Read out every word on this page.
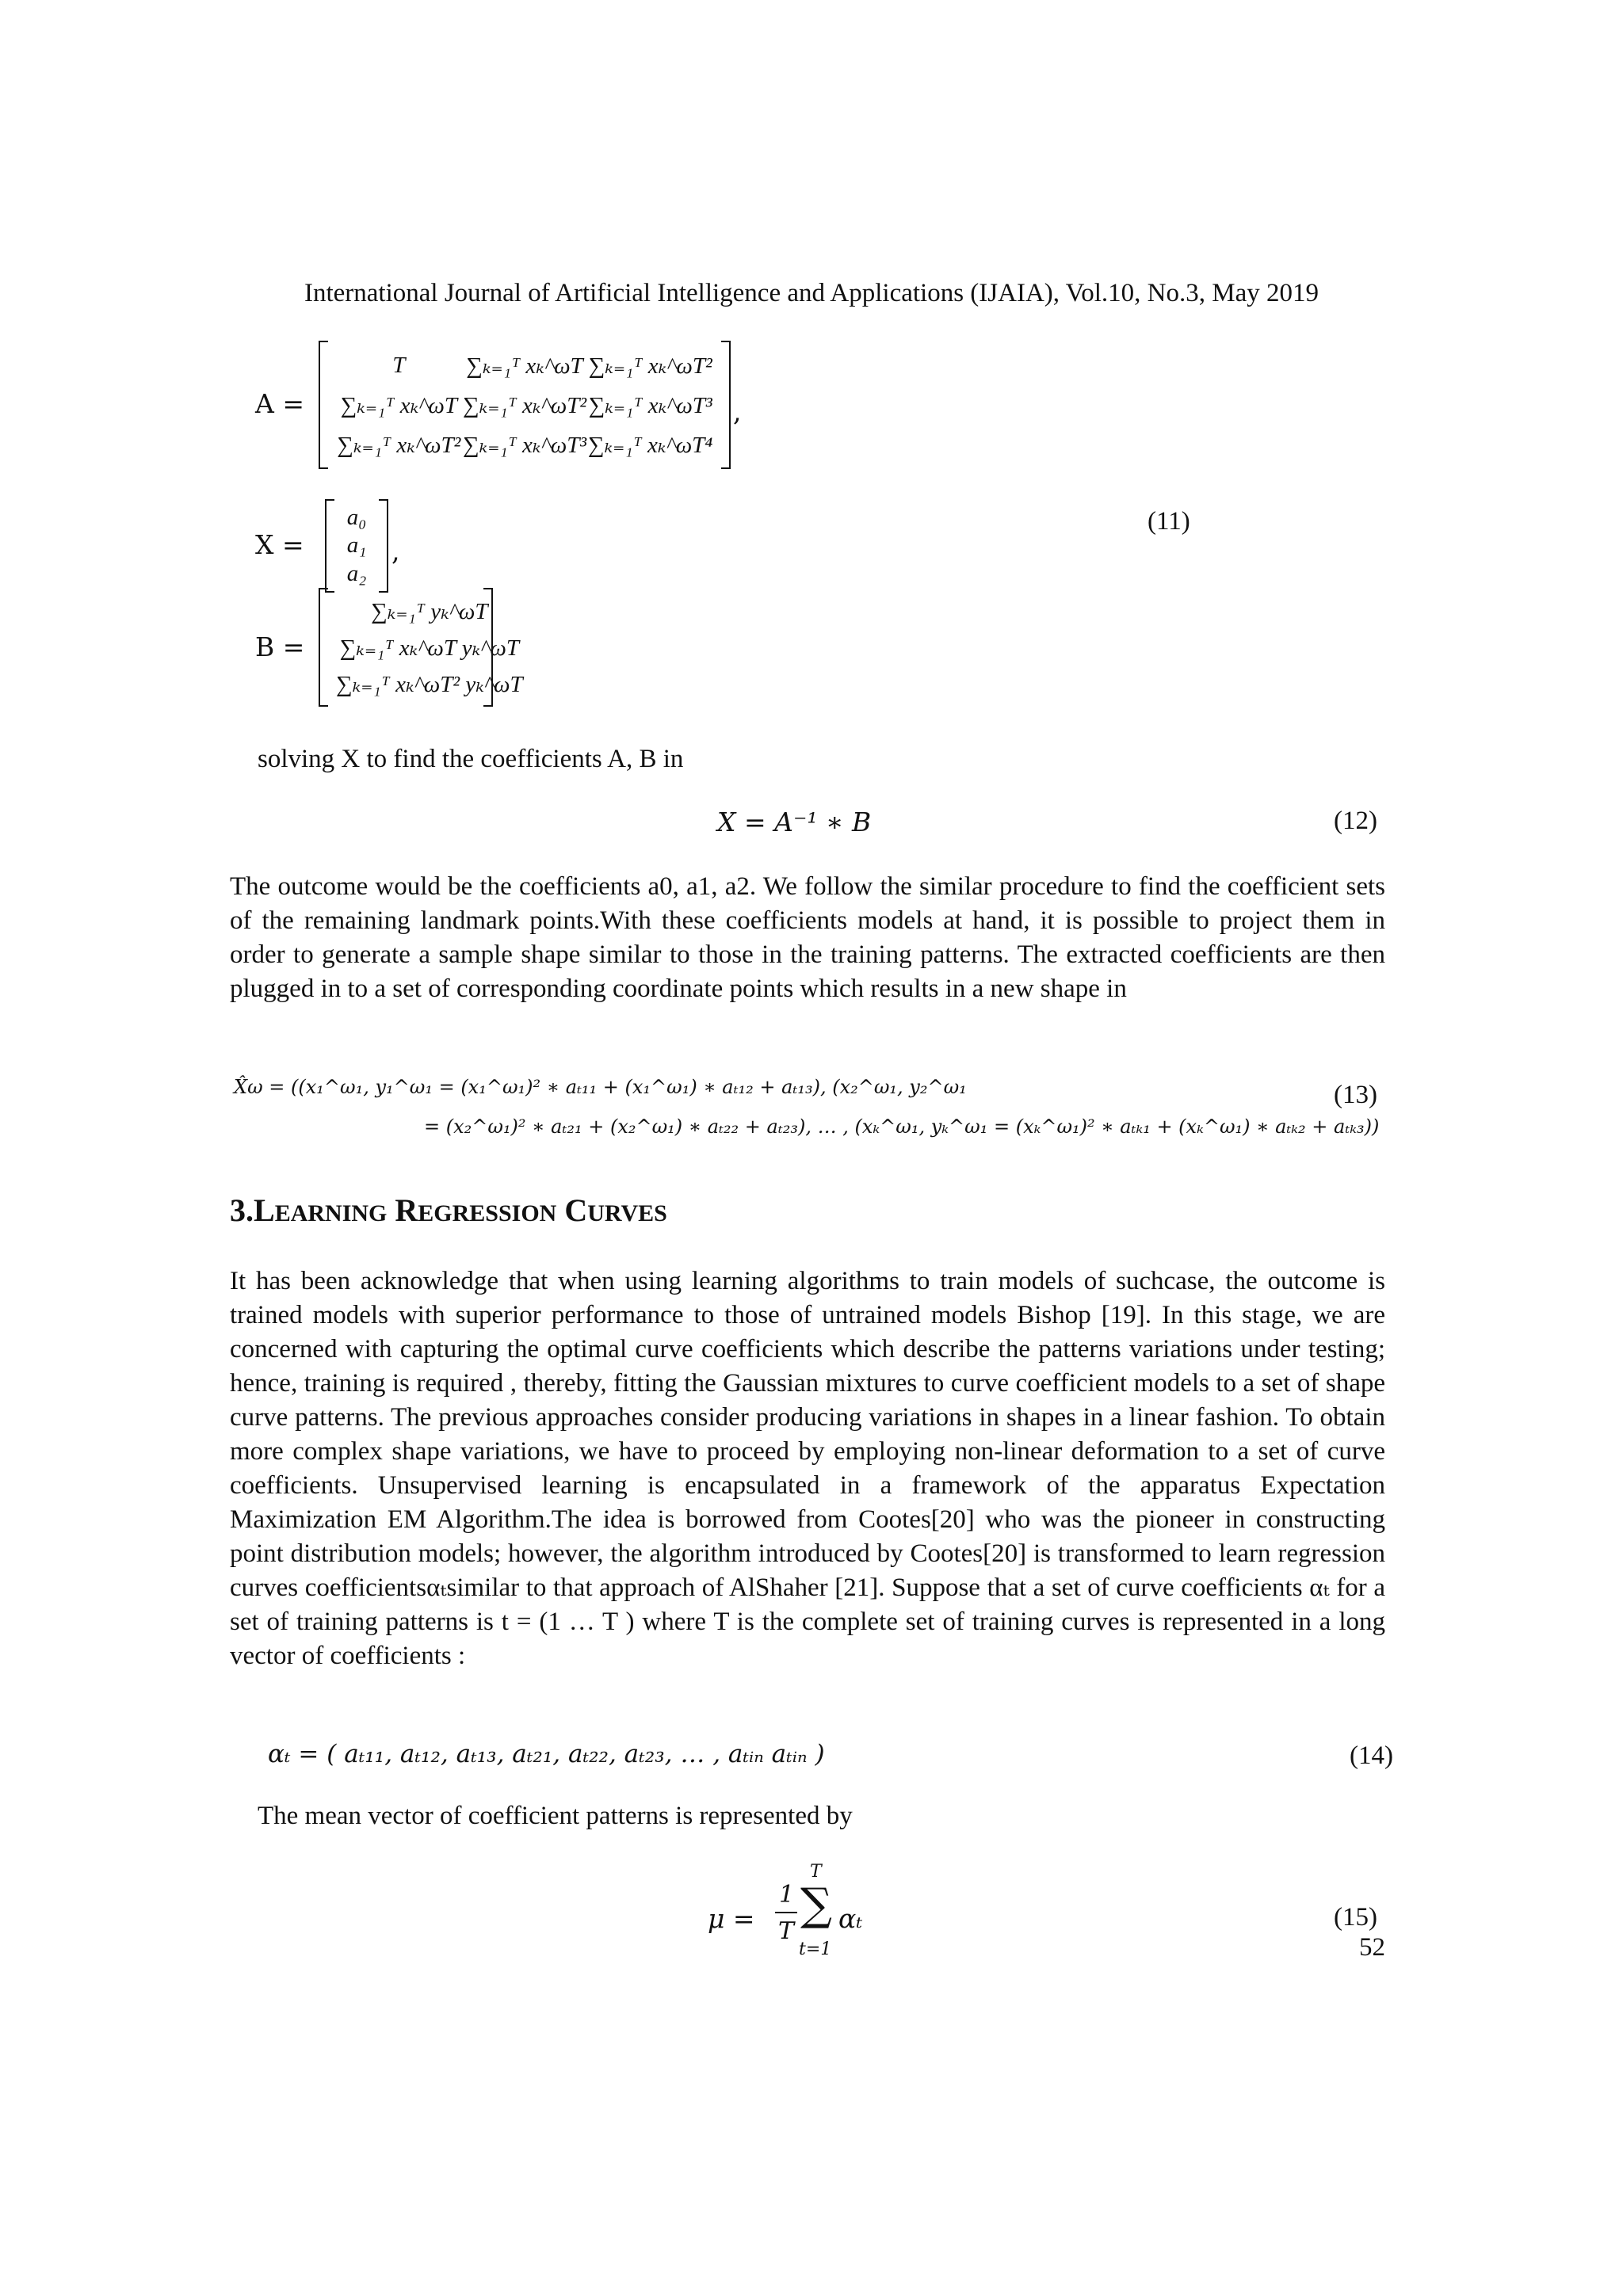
International Journal of Artificial Intelligence and Applications (IJAIA), Vol.10, No.3, May 2019
A =
T	∑ₖ₌₁ᵀ xₖ^ωT ∑ₖ₌₁ᵀ xₖ^ωT²
∑ₖ₌₁ᵀ xₖ^ωT ∑ₖ₌₁ᵀ xₖ^ωT² ∑ₖ₌₁ᵀ xₖ^ωT³
∑ₖ₌₁ᵀ xₖ^ωT² ∑ₖ₌₁ᵀ xₖ^ωT³ ∑ₖ₌₁ᵀ xₖ^ωT⁴
,
X =
a₀
a₁
a₂
,
(11)
B =
∑ₖ₌₁ᵀ yₖ^ωT
∑ₖ₌₁ᵀ xₖ^ωT yₖ^ωT
∑ₖ₌₁ᵀ xₖ^ωT² yₖ^ωT
solving X to find the coefficients A, B in
X = A⁻¹ ∗ B	(12)

The outcome would be the coefficients a0, a1, a2. We follow the similar procedure to find the coefficient sets of the remaining landmark points.With these coefficients models at hand, it is possible to project them in order to generate a sample shape similar to those in the training patterns. The extracted coefficients are then plugged in to a set of corresponding coordinate points which results in a new shape in

X̂ω = ((x₁^ω₁, y₁^ω₁ = (x₁^ω₁)² ∗ aₜ₁₁ + (x₁^ω₁) ∗ aₜ₁₂ + aₜ₁₃), (x₂^ω₁, y₂^ω₁
= (x₂^ω₁)² ∗ aₜ₂₁ + (x₂^ω₁) ∗ aₜ₂₂ + aₜ₂₃), … , (xₖ^ω₁, yₖ^ω₁ = (xₖ^ω₁)² ∗ aₜₖ₁ + (xₖ^ω₁) ∗ aₜₖ₂ + aₜₖ₃))
(13)
3.LEARNING REGRESSION CURVES

It has been acknowledge that when using learning algorithms to train models of suchcase, the outcome is trained models with superior performance to those of untrained models Bishop [19]. In this stage, we are concerned with capturing the optimal curve coefficients which describe the patterns variations under testing; hence, training is required , thereby, fitting the Gaussian mixtures to curve coefficient models to a set of shape curve patterns. The previous approaches consider producing variations in shapes in a linear fashion. To obtain more complex shape variations, we have to proceed by employing non-linear deformation to a set of curve coefficients. Unsupervised learning is encapsulated in a framework of the apparatus Expectation Maximization EM Algorithm.The idea is borrowed from Cootes[20] who was the pioneer in constructing point distribution models; however, the algorithm introduced by Cootes[20] is transformed to learn regression curves coefficientsαₜsimilar to that approach of AlShaher [21]. Suppose that a set of curve coefficients αₜ for a set of training patterns is t = (1 … T ) where T is the complete set of training curves is represented in a long vector of coefficients :

αₜ = ( aₜ₁₁, aₜ₁₂, aₜ₁₃, aₜ₂₁, aₜ₂₂, aₜ₂₃, … , aₜᵢₙ aₜᵢₙ )	(14)
The mean vector of coefficient patterns is represented by
μ =
1
T
T
∑
t=1
αₜ	(15)
52
